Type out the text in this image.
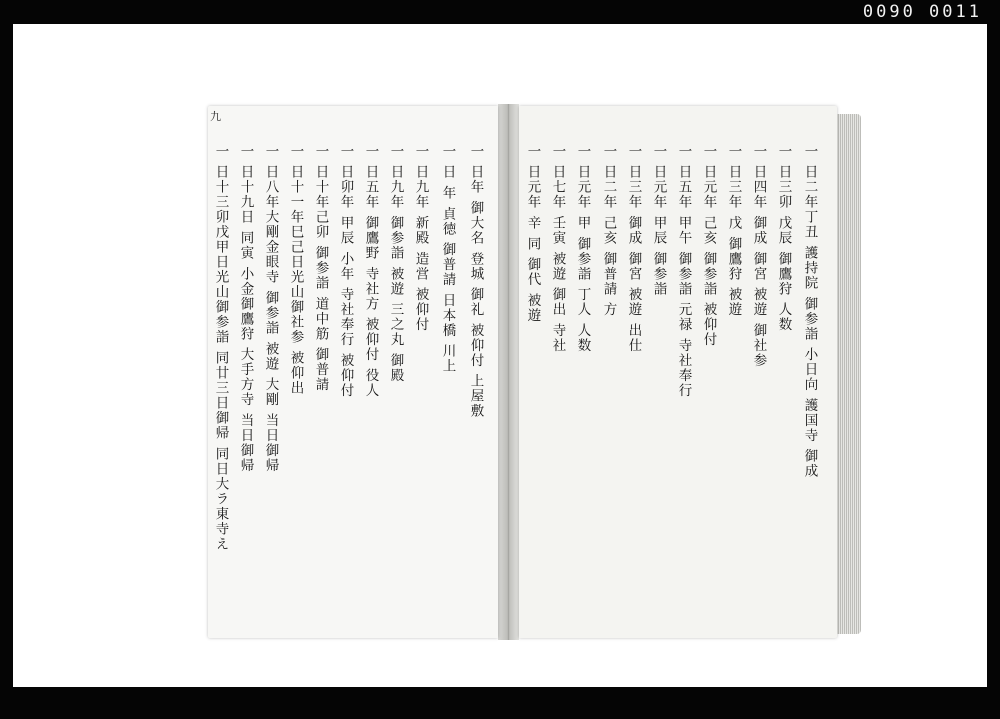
0090 0011
九
一 日十三卯戊甲日光山御参詣 同廿三日御帰 同日大ラ東寺え 一 日十九日 同寅 小金御鷹狩 大手方寺 当日御帰 一 日八年大剛金眼寺 御参詣 被遊 大剛 当日御帰 一 日十一年巳己日光山御社参 被仰出 一 日十年己卯 御参詣 道中筋 御普請 一 日卯年 甲辰 小年 寺社奉行 被仰付 一 日五年 御鷹野 寺社方 被仰付 役人 一 日九年 御参詣 被遊 三之丸 御殿 一 日九年 新殿 造営 被仰付 一 日 年 貞徳 御普請 日本橋 川上 一 日年 御大名 登城 御礼 被仰付 上屋敷	一 日元年 辛 同 御代 被遊 一 日七年 壬寅 被遊 御出 寺社 一 日元年 甲 御参詣 丁人 人数 一 日二年 己亥 御普請 方 一 日三年 御成 御宮 被遊 出仕 一 日元年 甲辰 御参詣 一 日五年 甲午 御参詣 元禄 寺社奉行 一 日元年 己亥 御参詣 被仰付 一 日三年 戊 御鷹狩 被遊 一 日四年 御成 御宮 被遊 御社参 一 日三卯 戊辰 御鷹狩 人数 一 日二年丁丑 護持院 御参詣 小日向 護国寺 御成
